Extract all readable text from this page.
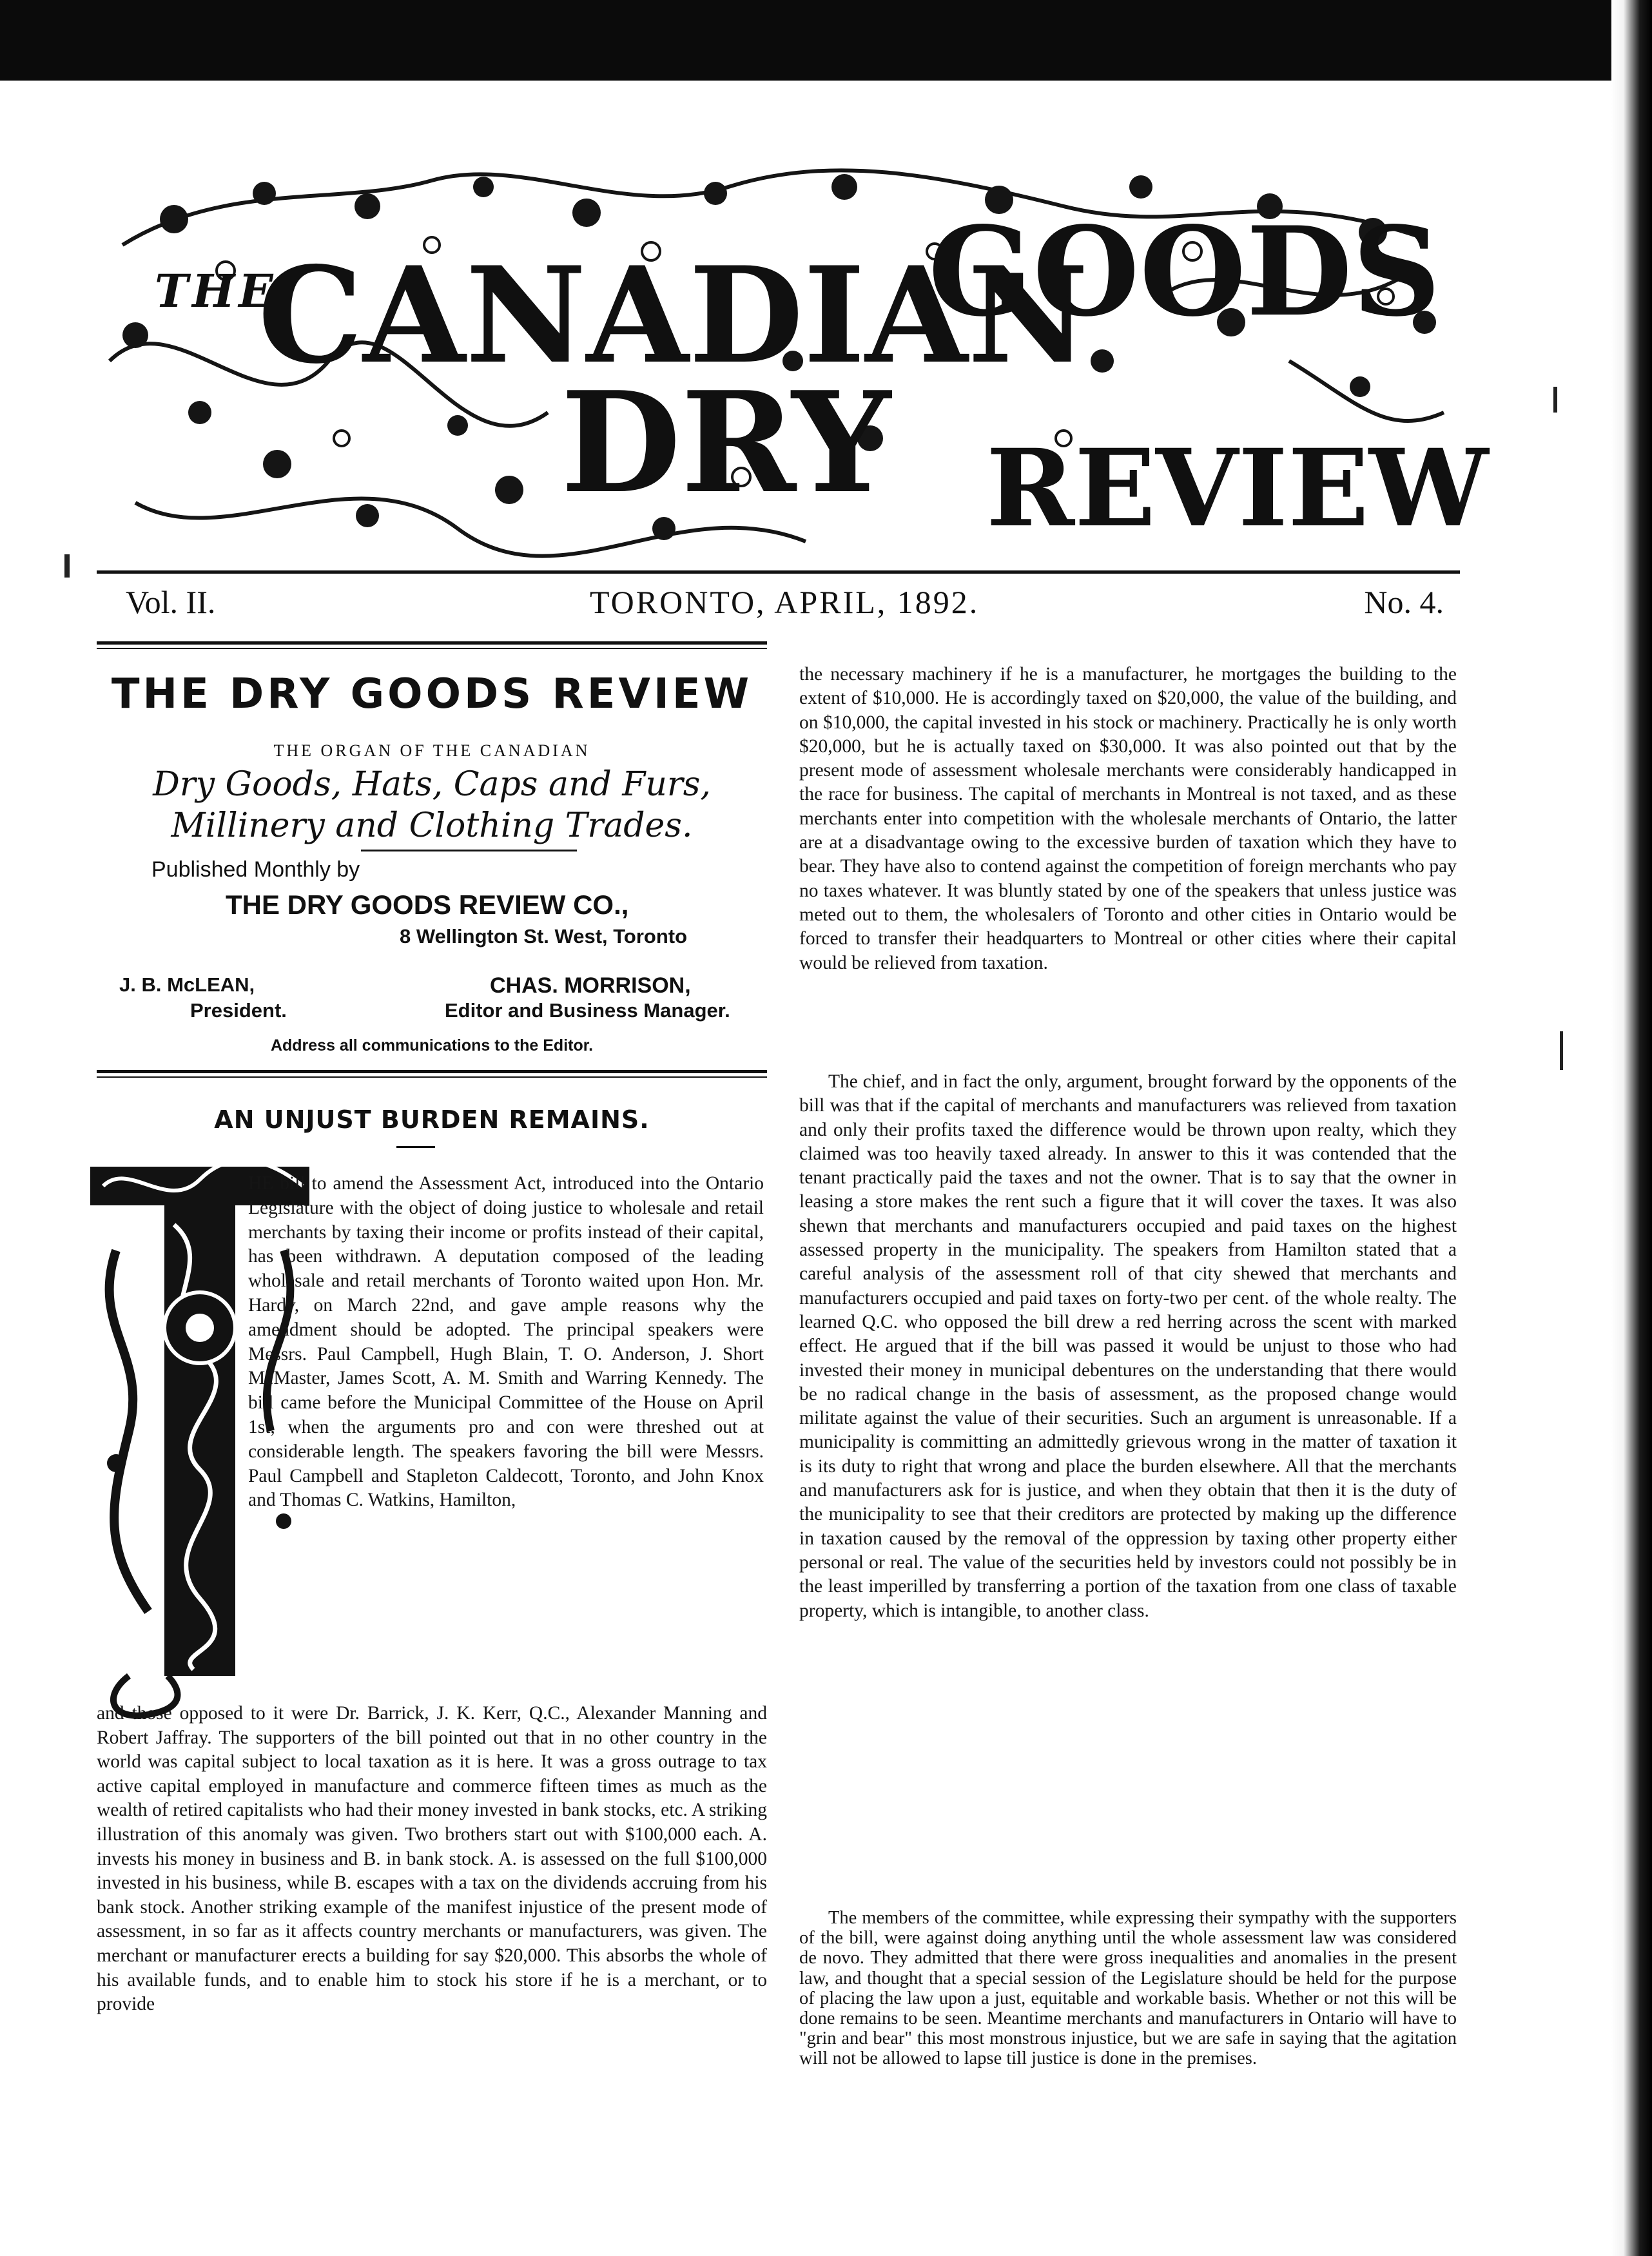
THE
CANADIAN
GOODS
DRY REVIEW
Vol. II.	TORONTO, APRIL, 1892.	No. 4.
THE DRY GOODS REVIEW
THE ORGAN OF THE CANADIAN
Dry Goods, Hats, Caps and Furs, Millinery and Clothing Trades.
Published Monthly by
THE DRY GOODS REVIEW CO.,
8 Wellington St. West, Toronto
J. B. McLEAN,
President.
CHAS. MORRISON,
Editor and Business Manager.
Address all communications to the Editor.
AN UNJUST BURDEN REMAINS.

HE bill to amend the Assessment Act, introduced into the Ontario Legislature with the object of doing justice to wholesale and retail merchants by taxing their income or profits instead of their capital, has been withdrawn. A deputation composed of the leading wholesale and retail merchants of Toronto waited upon Hon. Mr. Hardy, on March 22nd, and gave ample reasons why the amendment should be adopted. The principal speakers were Messrs. Paul Campbell, Hugh Blain, T. O. Anderson, J. Short McMaster, James Scott, A. M. Smith and Warring Kennedy. The bill came before the Municipal Committee of the House on April 1st, when the arguments pro and con were threshed out at considerable length. The speakers favoring the bill were Messrs. Paul Campbell and Stapleton Caldecott, Toronto, and John Knox and Thomas C. Watkins, Hamilton,

and those opposed to it were Dr. Barrick, J. K. Kerr, Q.C., Alexander Manning and Robert Jaffray. The supporters of the bill pointed out that in no other country in the world was capital subject to local taxation as it is here. It was a gross outrage to tax active capital employed in manufacture and commerce fifteen times as much as the wealth of retired capitalists who had their money invested in bank stocks, etc. A striking illustration of this anomaly was given. Two brothers start out with $100,000 each. A. invests his money in business and B. in bank stock. A. is assessed on the full $100,000 invested in his business, while B. escapes with a tax on the dividends accruing from his bank stock. Another striking example of the manifest injustice of the present mode of assessment, in so far as it affects country merchants or manufacturers, was given. The merchant or manufacturer erects a building for say $20,000. This absorbs the whole of his available funds, and to enable him to stock his store if he is a merchant, or to provide

the necessary machinery if he is a manufacturer, he mortgages the building to the extent of $10,000. He is accordingly taxed on $20,000, the value of the building, and on $10,000, the capital invested in his stock or machinery. Practically he is only worth $20,000, but he is actually taxed on $30,000. It was also pointed out that by the present mode of assessment wholesale merchants were considerably handicapped in the race for business. The capital of merchants in Montreal is not taxed, and as these merchants enter into competition with the wholesale merchants of Ontario, the latter are at a disadvantage owing to the excessive burden of taxation which they have to bear. They have also to contend against the competition of foreign merchants who pay no taxes whatever. It was bluntly stated by one of the speakers that unless justice was meted out to them, the wholesalers of Toronto and other cities in Ontario would be forced to transfer their headquarters to Montreal or other cities where their capital would be relieved from taxation.

The chief, and in fact the only, argument, brought forward by the opponents of the bill was that if the capital of merchants and manufacturers was relieved from taxation and only their profits taxed the difference would be thrown upon realty, which they claimed was too heavily taxed already. In answer to this it was contended that the tenant practically paid the taxes and not the owner. That is to say that the owner in leasing a store makes the rent such a figure that it will cover the taxes. It was also shewn that merchants and manufacturers occupied and paid taxes on the highest assessed property in the municipality. The speakers from Hamilton stated that a careful analysis of the assessment roll of that city shewed that merchants and manufacturers occupied and paid taxes on forty-two per cent. of the whole realty. The learned Q.C. who opposed the bill drew a red herring across the scent with marked effect. He argued that if the bill was passed it would be unjust to those who had invested their money in municipal debentures on the understanding that there would be no radical change in the basis of assessment, as the proposed change would militate against the value of their securities. Such an argument is unreasonable. If a municipality is committing an admittedly grievous wrong in the matter of taxation it is its duty to right that wrong and place the burden elsewhere. All that the merchants and manufacturers ask for is justice, and when they obtain that then it is the duty of the municipality to see that their creditors are protected by making up the difference in taxation caused by the removal of the oppression by taxing other property either personal or real. The value of the securities held by investors could not possibly be in the least imperilled by transferring a portion of the taxation from one class of taxable property, which is intangible, to another class.

The members of the committee, while expressing their sympathy with the supporters of the bill, were against doing anything until the whole assessment law was considered de novo. They admitted that there were gross inequalities and anomalies in the present law, and thought that a special session of the Legislature should be held for the purpose of placing the law upon a just, equitable and workable basis. Whether or not this will be done remains to be seen. Meantime merchants and manufacturers in Ontario will have to "grin and bear" this most monstrous injustice, but we are safe in saying that the agitation will not be allowed to lapse till justice is done in the premises.
